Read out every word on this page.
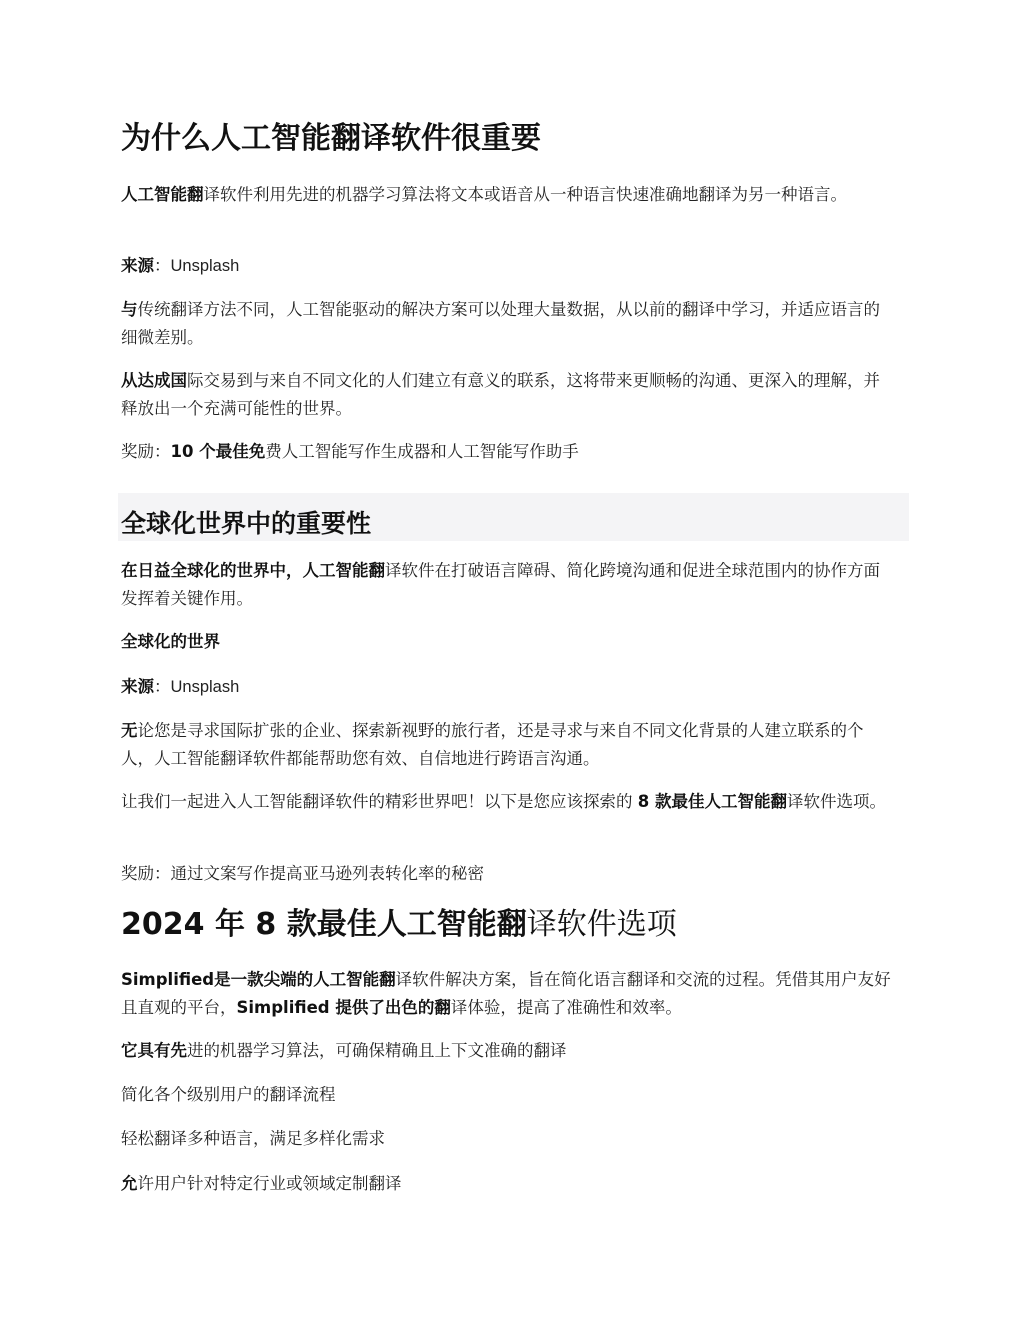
为什么人工智能翻译软件很重要

人工智能翻译软件利用先进的机器学习算法将文本或语音从一种语言快速准确地翻译为另一种语言。

来源：Unsplash

与传统翻译方法不同，人工智能驱动的解决方案可以处理大量数据，从以前的翻译中学习，并适应语言的细微差别。

从达成国际交易到与来自不同文化的人们建立有意义的联系，这将带来更顺畅的沟通、更深入的理解，并释放出一个充满可能性的世界。

奖励：10 个最佳免费人工智能写作生成器和人工智能写作助手

全球化世界中的重要性

在日益全球化的世界中，人工智能翻译软件在打破语言障碍、简化跨境沟通和促进全球范围内的协作方面发挥着关键作用。

全球化的世界

来源：Unsplash

无论您是寻求国际扩张的企业、探索新视野的旅行者，还是寻求与来自不同文化背景的人建立联系的个人，人工智能翻译软件都能帮助您有效、自信地进行跨语言沟通。

让我们一起进入人工智能翻译软件的精彩世界吧！以下是您应该探索的 8 款最佳人工智能翻译软件选项。

奖励：通过文案写作提高亚马逊列表转化率的秘密

2024 年 8 款最佳人工智能翻译软件选项

Simplified是一款尖端的人工智能翻译软件解决方案，旨在简化语言翻译和交流的过程。凭借其用户友好且直观的平台，Simplified 提供了出色的翻译体验，提高了准确性和效率。

它具有先进的机器学习算法，可确保精确且上下文准确的翻译

简化各个级别用户的翻译流程

轻松翻译多种语言，满足多样化需求

允许用户针对特定行业或领域定制翻译
